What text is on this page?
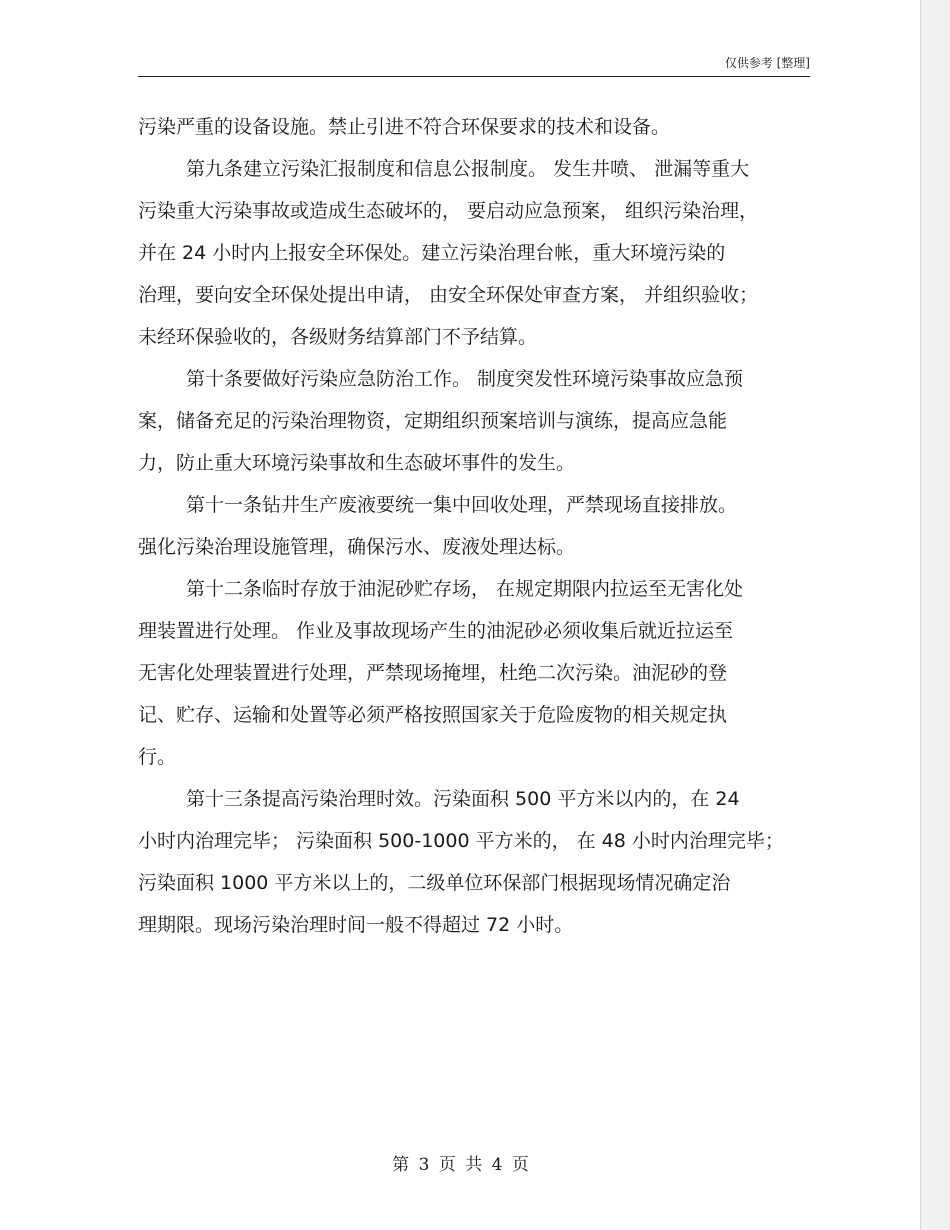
仅供参考 [整理]
污染严重的设备设施。禁止引进不符合环保要求的技术和设备。
第九条建立污染汇报制度和信息公报制度。 发生井喷、 泄漏等重大
污染重大污染事故或造成生态破坏的， 要启动应急预案， 组织污染治理，
并在 24 小时内上报安全环保处。建立污染治理台帐，重大环境污染的
治理，要向安全环保处提出申请， 由安全环保处审查方案， 并组织验收；
未经环保验收的，各级财务结算部门不予结算。
第十条要做好污染应急防治工作。 制度突发性环境污染事故应急预
案，储备充足的污染治理物资，定期组织预案培训与演练，提高应急能
力，防止重大环境污染事故和生态破坏事件的发生。
第十一条钻井生产废液要统一集中回收处理，严禁现场直接排放。
强化污染治理设施管理，确保污水、废液处理达标。
第十二条临时存放于油泥砂贮存场， 在规定期限内拉运至无害化处
理装置进行处理。 作业及事故现场产生的油泥砂必须收集后就近拉运至
无害化处理装置进行处理，严禁现场掩埋，杜绝二次污染。油泥砂的登
记、贮存、运输和处置等必须严格按照国家关于危险废物的相关规定执
行。
第十三条提高污染治理时效。污染面积 500 平方米以内的，在 24
小时内治理完毕； 污染面积 500-1000 平方米的， 在 48 小时内治理完毕；
污染面积 1000 平方米以上的，二级单位环保部门根据现场情况确定治
理期限。现场污染治理时间一般不得超过 72 小时。
第 3 页 共 4 页
